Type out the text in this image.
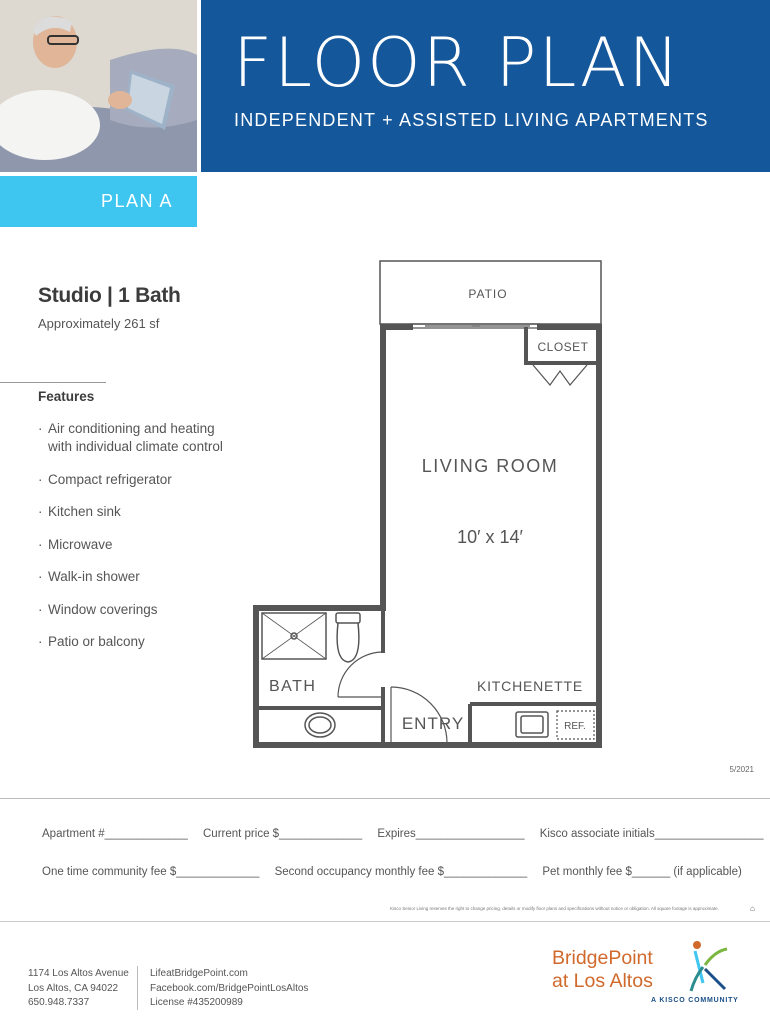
FLOOR PLAN
INDEPENDENT + ASSISTED LIVING APARTMENTS
PLAN A
Studio | 1 Bath
Approximately 261 sf
Features
· Air conditioning and heating
with individual climate control
· Compact refrigerator
· Kitchen sink
· Microwave
· Walk-in shower
· Window coverings
· Patio or balcony
PATIO
CLOSET
LIVING ROOM
10′ x 14′
BATH	KITCHENETTE
ENTRY	REF.
5/2021
Apartment #_____________ Current price $_____________ Expires_________________ Kisco associate initials_________________
One time community fee $_____________ Second occupancy monthly fee $_____________ Pet monthly fee $______ (if applicable)
Kisco Senior Living reserves the right to change pricing, details or modify floor plans and specifications without notice or obligation. All square footage is approximate.	⌂
1174 Los Altos Avenue
Los Altos, CA 94022
650.948.7337
LifeatBridgePoint.com
Facebook.com/BridgePointLosAltos
License #435200989
BridgePoint
at Los Altos
A KISCO COMMUNITY
